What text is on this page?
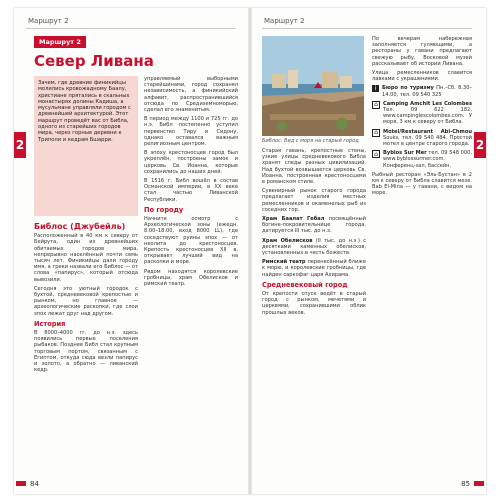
Маршрут 2
2
Маршрут 2
Север Ливана
Зачем, где древние финикийцы молились кровожадному Баалу, христиане прятались в скальных монастырях долины Кадиша, а мусульмане управляли городом с древнейшей архитектурой. Этот маршрут проведёт вас от Библа, одного из старейших городов мира, через горные деревни к Триполи и кедрам Бшарри.
Библос (Джубейль)

Расположенный в 40 км к северу от Бейрута, один из древнейших обитаемых городов мира, непрерывно населённый почти семь тысяч лет. Финикийцы дали городу имя, а греки назвали его Библос — от слова «папирус», который отсюда вывозили.

Сегодня это уютный городок с бухтой, средневековой крепостью и рынком, но главное — археологические раскопки, где слои эпох лежат друг над другом.

История

В 8000–4000 гг. до н.э. здесь появились первые поселения рыбаков. Позднее Библ стал крупным торговым портом, связанным с Египтом, откуда сюда везли папирус и золото, а обратно — ливанский кедр.

управляемый выборными старейшинами, город сохранял независимость, а финикийский алфавит, распространившийся отсюда по Средиземноморью, сделал его знаменитым.

В период между 1100 и 725 гг. до н.э. Библ постепенно уступил первенство Тиру и Сидону, однако оставался важным религиозным центром.

В эпоху крестоносцев город был укреплён, построены замок и церковь Св. Иоанна, которые сохранились до наших дней.

В 1516 г. Библ вошёл в состав Османской империи, в XX веке стал частью Ливанской Республики.

По городу

Начните осмотр с Археологической зоны (ежедн. 8.00–18.00, вход 8000 LL), где соседствуют руины эпох — от неолита до крестоносцев. Крепость крестоносцев XII в. открывает лучший вид на раскопки и море.

Рядом находятся королевские гробницы, храм Обелисков и римский театр.

84
Маршрут 2
2
Библос: Вид с моря на старый город

Старая гавань, крепостные стены, узкие улицы средневекового Библа хранят следы разных цивилизаций. Над бухтой возвышается церковь Св. Иоанна, построенная крестоносцами в романском стиле.

Сувенирный рынок старого города предлагает изделия местных ремесленников и окаменелых рыб из соседних гор.

Храм Баалат Гебал посвящённый богине-покровительнице города, датируется III тыс. до н.э.

Храм Обелисков (II тыс. до н.э.) с десятками каменных обелисков, установленных в честь божеств.

Римский театр перенесённый ближе к морю, и королевские гробницы, где найден саркофаг царя Ахирама.

Средневековый город

От крепости спуск ведёт в старый город с рынком, мечетями и церквями, сохранившими облик прошлых веков.

По вечерам набережная заполняется гуляющими, а рестораны у гавани предлагают свежую рыбу. Восковой музей рассказывает об истории Ливана.

Улица ремесленников славится лавками с украшениями.

i	Бюро по туризму Пн.–Сб. 8.30–14.00, тел. 09 540 325
⌂ Camping Amchit Les Colombes Тел. 09 622 182, www.campinglescolombes.com. У моря, 3 км к северу от Библа.
⌂ Motel/Restaurant Abi-Chmou Souks, тел. 09 540 484. Простой мотел в центре старого города.
⌂ Byblos Sur Mer тел. 09 548 000, www.byblossurmer.com. Конференц-зал, бассейн.

Рыбный ресторан «Эль-Бустан» в 2 км к северу от Библа славится мезе. Bab El-Mina — у гавани, с видом на море.

85
